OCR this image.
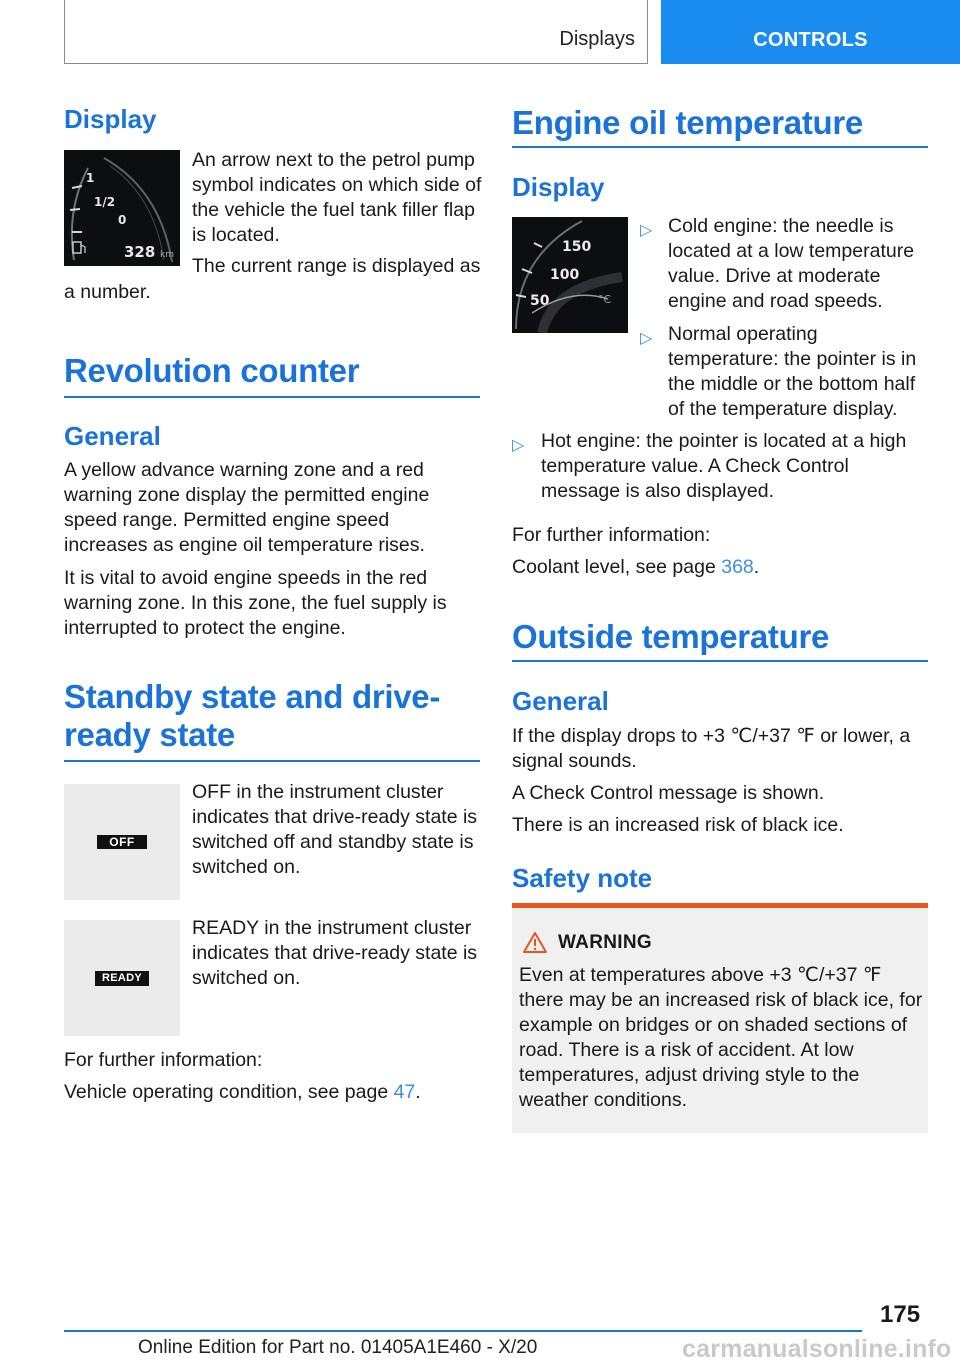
Displays	CONTROLS
Display
1
1/2
0
328 km
An arrow next to the petrol pump symbol indicates on which side of the vehicle the fuel tank filler flap is located.
The current range is displayed as
a number.
Revolution counter
General
A yellow advance warning zone and a red warning zone display the permitted engine speed range. Permitted engine speed increases as engine oil temperature rises.
It is vital to avoid engine speeds in the red warning zone. In this zone, the fuel supply is interrupted to protect the engine.
Standby state and drive-
ready state
OFF
OFF in the instrument cluster indicates that drive-ready state is switched off and standby state is switched on.
READY
READY in the instrument cluster indicates that drive-ready state is switched on.
For further information:
Vehicle operating condition, see page 47.
Engine oil temperature
Display
150
100
50	°C
▷ Cold engine: the needle is located at a low temperature value. Drive at moderate engine and road speeds.
▷ Normal operating temperature: the pointer is in the middle or the bottom half of the temperature display.
▷ Hot engine: the pointer is located at a high temperature value. A Check Control message is also displayed.
For further information:
Coolant level, see page 368.
Outside temperature
General
If the display drops to +3 ℃/+37 ℉ or lower, a signal sounds.
A Check Control message is shown.
There is an increased risk of black ice.
Safety note
WARNING
Even at temperatures above +3 ℃/+37 ℉ there may be an increased risk of black ice, for example on bridges or on shaded sections of road. There is a risk of accident. At low temperatures, adjust driving style to the weather conditions.
175
Online Edition for Part no. 01405A1E460 - X/20	carmanualsonline.info
